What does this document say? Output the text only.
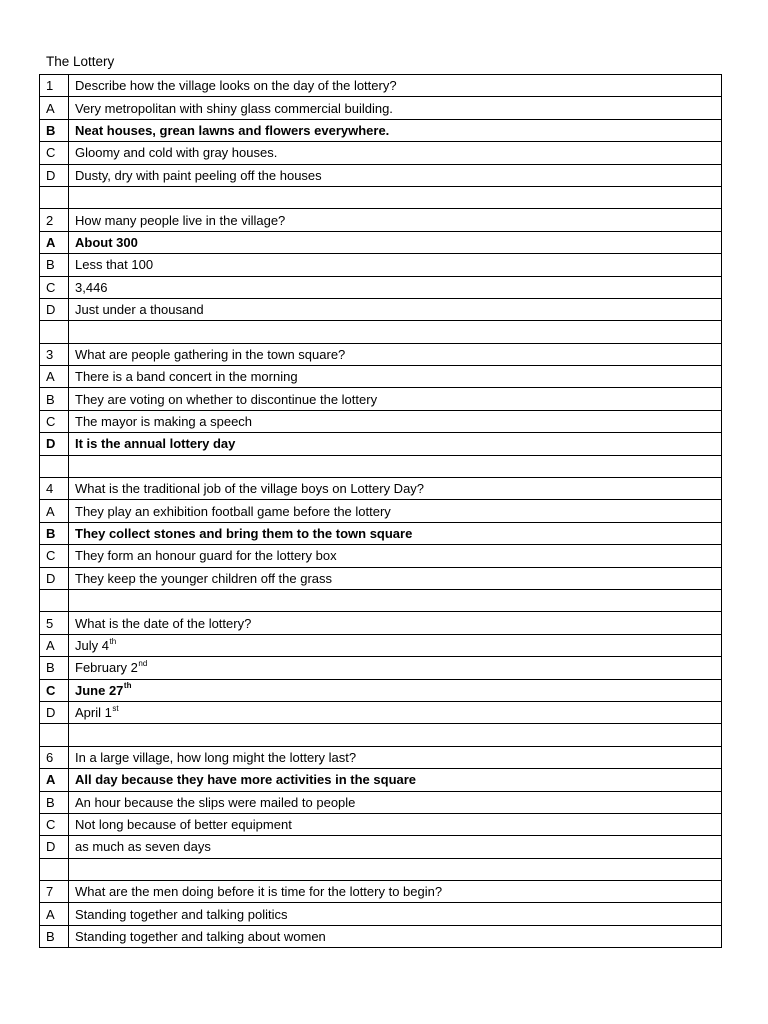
The Lottery
1	Describe how the village looks on the day of the lottery?
A	Very metropolitan with shiny glass commercial building.
B	Neat houses, grean lawns and flowers everywhere.
C	Gloomy and cold with gray houses.
D	Dusty, dry with paint peeling off the houses

2	How many people live in the village?
A	About 300
B	Less that 100
C	3,446
D	Just under a thousand

3	What are people gathering in the town square?
A	There is a band concert in the morning
B	They are voting on whether to discontinue the lottery
C	The mayor is making a speech
D	It is the annual lottery day

4	What is the traditional job of the village boys on Lottery Day?
A	They play an exhibition football game before the lottery
B	They collect stones and bring them to the town square
C	They form an honour guard for the lottery box
D	They keep the younger children off the grass

5	What is the date of the lottery?
A	July 4th
B	February 2nd
C	June 27th
D	April 1st

6	In a large village, how long might the lottery last?
A	All day because they have more activities in the square
B	An hour because the slips were mailed to people
C	Not long because of better equipment
D	as much as seven days

7	What are the men doing before it is time for the lottery to begin?
A	Standing together and talking politics
B	Standing together and talking about women
